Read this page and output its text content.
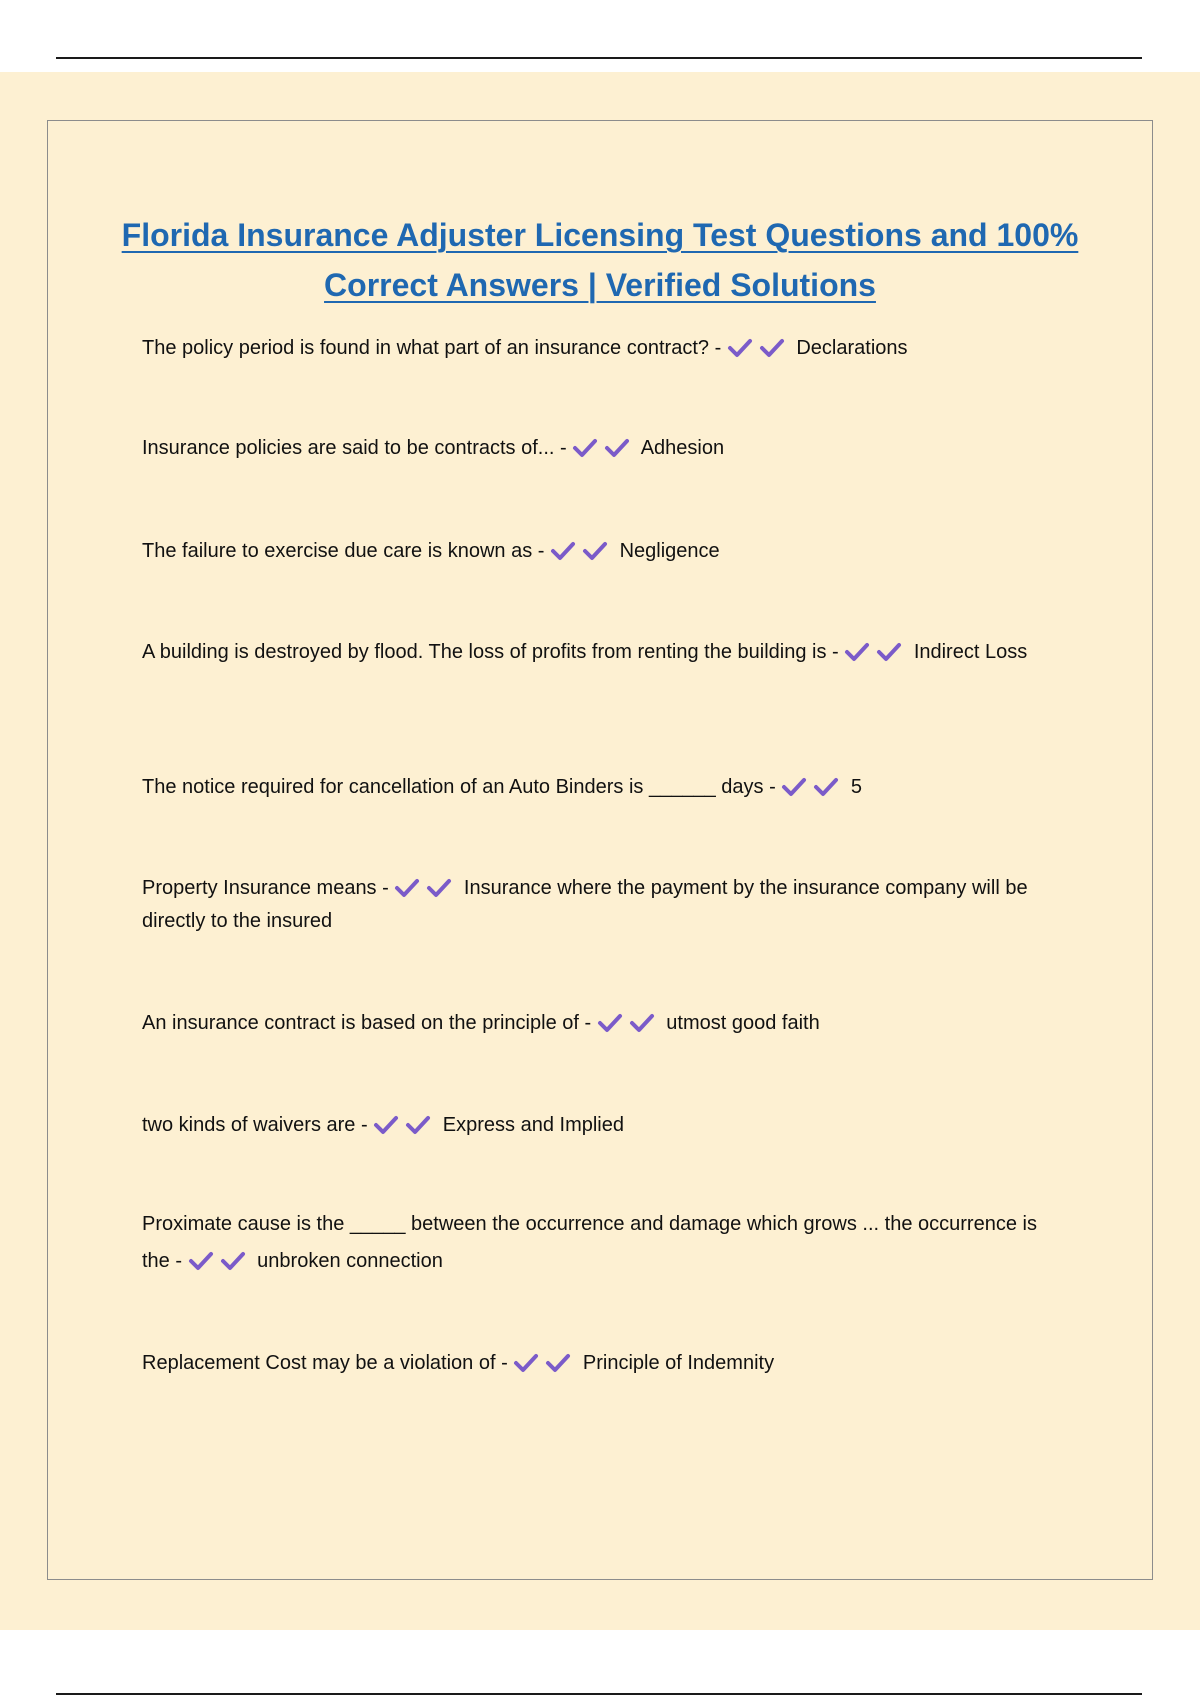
Florida Insurance Adjuster Licensing Test Questions and 100% Correct Answers | Verified Solutions
The policy period is found in what part of an insurance contract? -	Declarations
Insurance policies are said to be contracts of... -	Adhesion
The failure to exercise due care is known as -	Negligence
A building is destroyed by flood. The loss of profits from renting the building is -	Indirect Loss
The notice required for cancellation of an Auto Binders is ______ days -	5
Property Insurance means -	Insurance where the payment by the insurance company will be directly to the insured
An insurance contract is based on the principle of -	utmost good faith
two kinds of waivers are -	Express and Implied
Proximate cause is the _____ between the occurrence and damage which grows ... the occurrence is the -	unbroken connection
Replacement Cost may be a violation of -	Principle of Indemnity
